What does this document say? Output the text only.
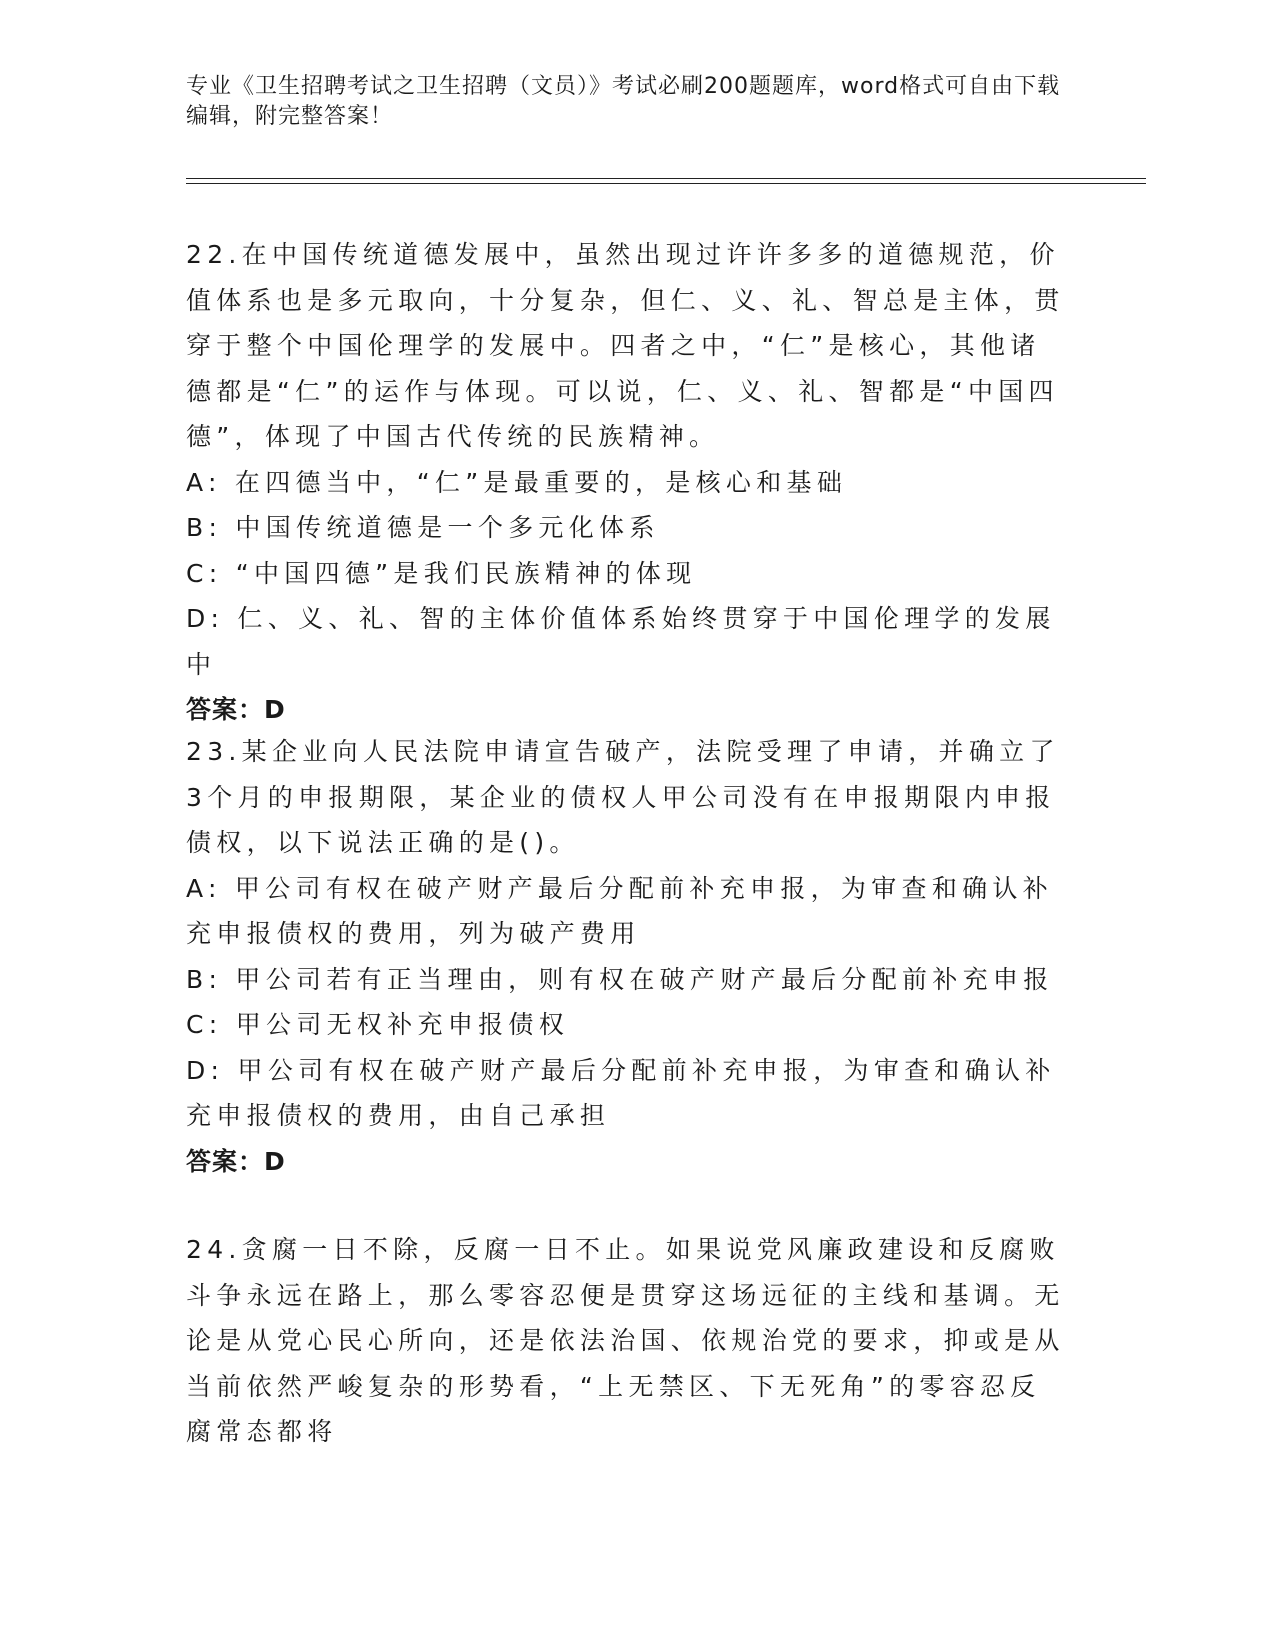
专业《卫生招聘考试之卫生招聘（文员）》考试必刷200题题库，word格式可自由下载编辑，附完整答案！
22.在中国传统道德发展中，虽然出现过许许多多的道德规范，价值体系也是多元取向，十分复杂，但仁、义、礼、智总是主体，贯穿于整个中国伦理学的发展中。四者之中，“仁”是核心，其他诸德都是“仁”的运作与体现。可以说，仁、义、礼、智都是“中国四德”，体现了中国古代传统的民族精神。
A: 在四德当中，“仁”是最重要的，是核心和基础
B: 中国传统道德是一个多元化体系
C: “中国四德”是我们民族精神的体现
D: 仁、义、礼、智的主体价值体系始终贯穿于中国伦理学的发展中
答案：D
23.某企业向人民法院申请宣告破产，法院受理了申请，并确立了3个月的申报期限，某企业的债权人甲公司没有在申报期限内申报债权，以下说法正确的是()。
A: 甲公司有权在破产财产最后分配前补充申报，为审查和确认补充申报债权的费用，列为破产费用
B: 甲公司若有正当理由，则有权在破产财产最后分配前补充申报
C: 甲公司无权补充申报债权
D: 甲公司有权在破产财产最后分配前补充申报，为审查和确认补充申报债权的费用，由自己承担
答案：D
24.贪腐一日不除，反腐一日不止。如果说党风廉政建设和反腐败斗争永远在路上，那么零容忍便是贯穿这场远征的主线和基调。无论是从党心民心所向，还是依法治国、依规治党的要求，抑或是从当前依然严峻复杂的形势看，“上无禁区、下无死角”的零容忍反腐常态都将
